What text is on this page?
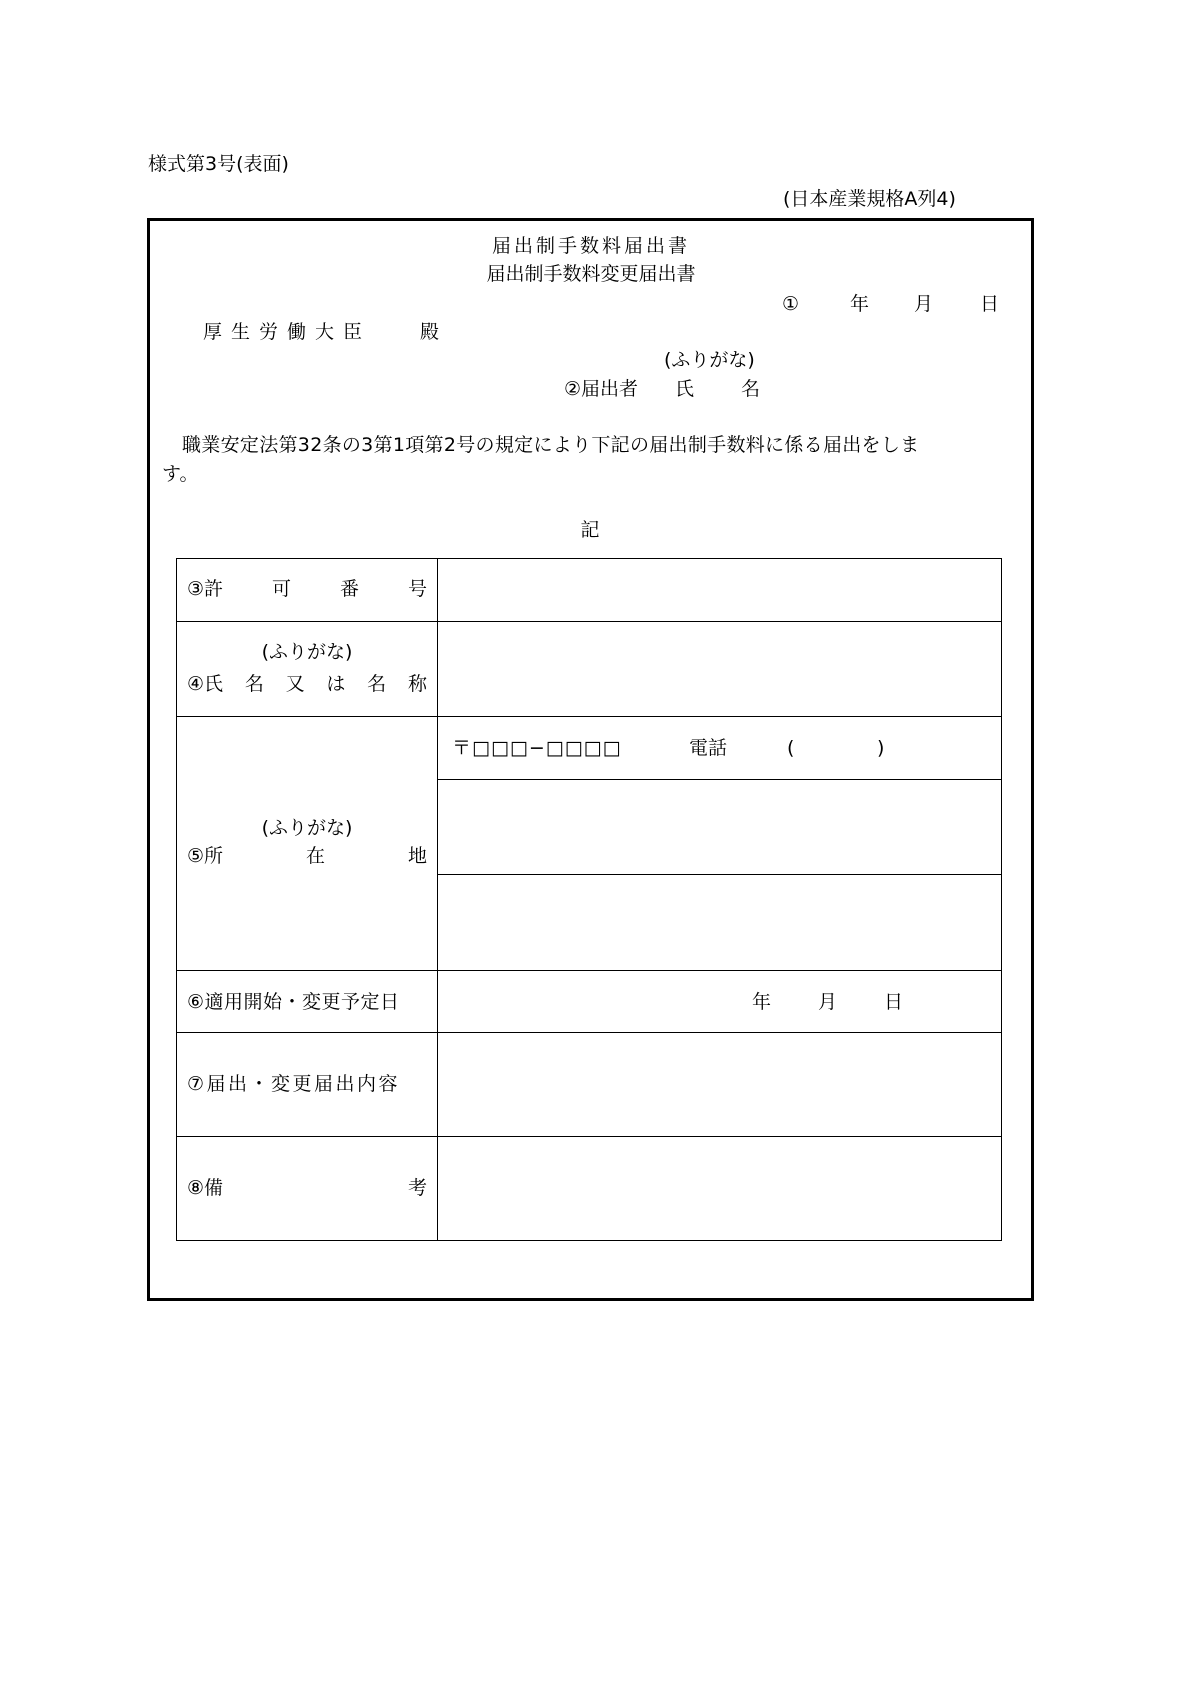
様式第3号(表面)
(日本産業規格A列4)
届出制手数料届出書
届出制手数料変更届出書
①	年 月 日
厚生労働大臣	殿
(ふりがな)
②届出者 氏 名
職業安定法第32条の3第1項第2号の規定により下記の届出制手数料に係る届出をしま
す。
記
③ 許	可	番	号
(ふりがな)
④ 氏 名 又 は 名 称
(ふりがな)
⑤ 所	在	地
〒□□□−□□□□	電話	(	)
⑥適用開始・変更予定日	年 月 日
⑦届出・変更届出内容
⑧ 備	考
